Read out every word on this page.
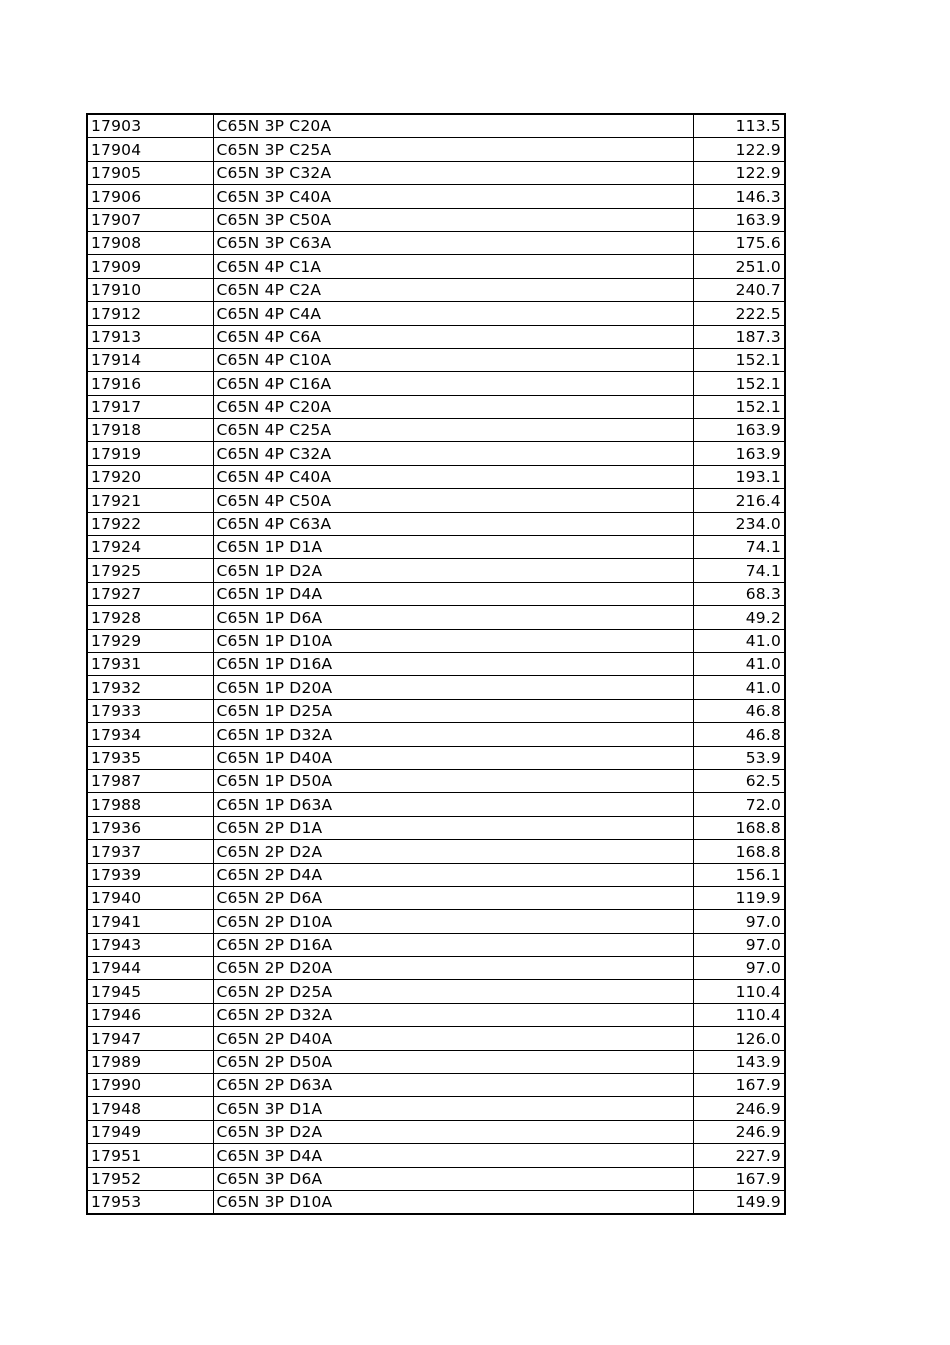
17903	C65N 3P C20A	113.5
17904	C65N 3P C25A	122.9
17905	C65N 3P C32A	122.9
17906	C65N 3P C40A	146.3
17907	C65N 3P C50A	163.9
17908	C65N 3P C63A	175.6
17909	C65N 4P C1A	251.0
17910	C65N 4P C2A	240.7
17912	C65N 4P C4A	222.5
17913	C65N 4P C6A	187.3
17914	C65N 4P C10A	152.1
17916	C65N 4P C16A	152.1
17917	C65N 4P C20A	152.1
17918	C65N 4P C25A	163.9
17919	C65N 4P C32A	163.9
17920	C65N 4P C40A	193.1
17921	C65N 4P C50A	216.4
17922	C65N 4P C63A	234.0
17924	C65N 1P D1A	74.1
17925	C65N 1P D2A	74.1
17927	C65N 1P D4A	68.3
17928	C65N 1P D6A	49.2
17929	C65N 1P D10A	41.0
17931	C65N 1P D16A	41.0
17932	C65N 1P D20A	41.0
17933	C65N 1P D25A	46.8
17934	C65N 1P D32A	46.8
17935	C65N 1P D40A	53.9
17987	C65N 1P D50A	62.5
17988	C65N 1P D63A	72.0
17936	C65N 2P D1A	168.8
17937	C65N 2P D2A	168.8
17939	C65N 2P D4A	156.1
17940	C65N 2P D6A	119.9
17941	C65N 2P D10A	97.0
17943	C65N 2P D16A	97.0
17944	C65N 2P D20A	97.0
17945	C65N 2P D25A	110.4
17946	C65N 2P D32A	110.4
17947	C65N 2P D40A	126.0
17989	C65N 2P D50A	143.9
17990	C65N 2P D63A	167.9
17948	C65N 3P D1A	246.9
17949	C65N 3P D2A	246.9
17951	C65N 3P D4A	227.9
17952	C65N 3P D6A	167.9
17953	C65N 3P D10A	149.9
